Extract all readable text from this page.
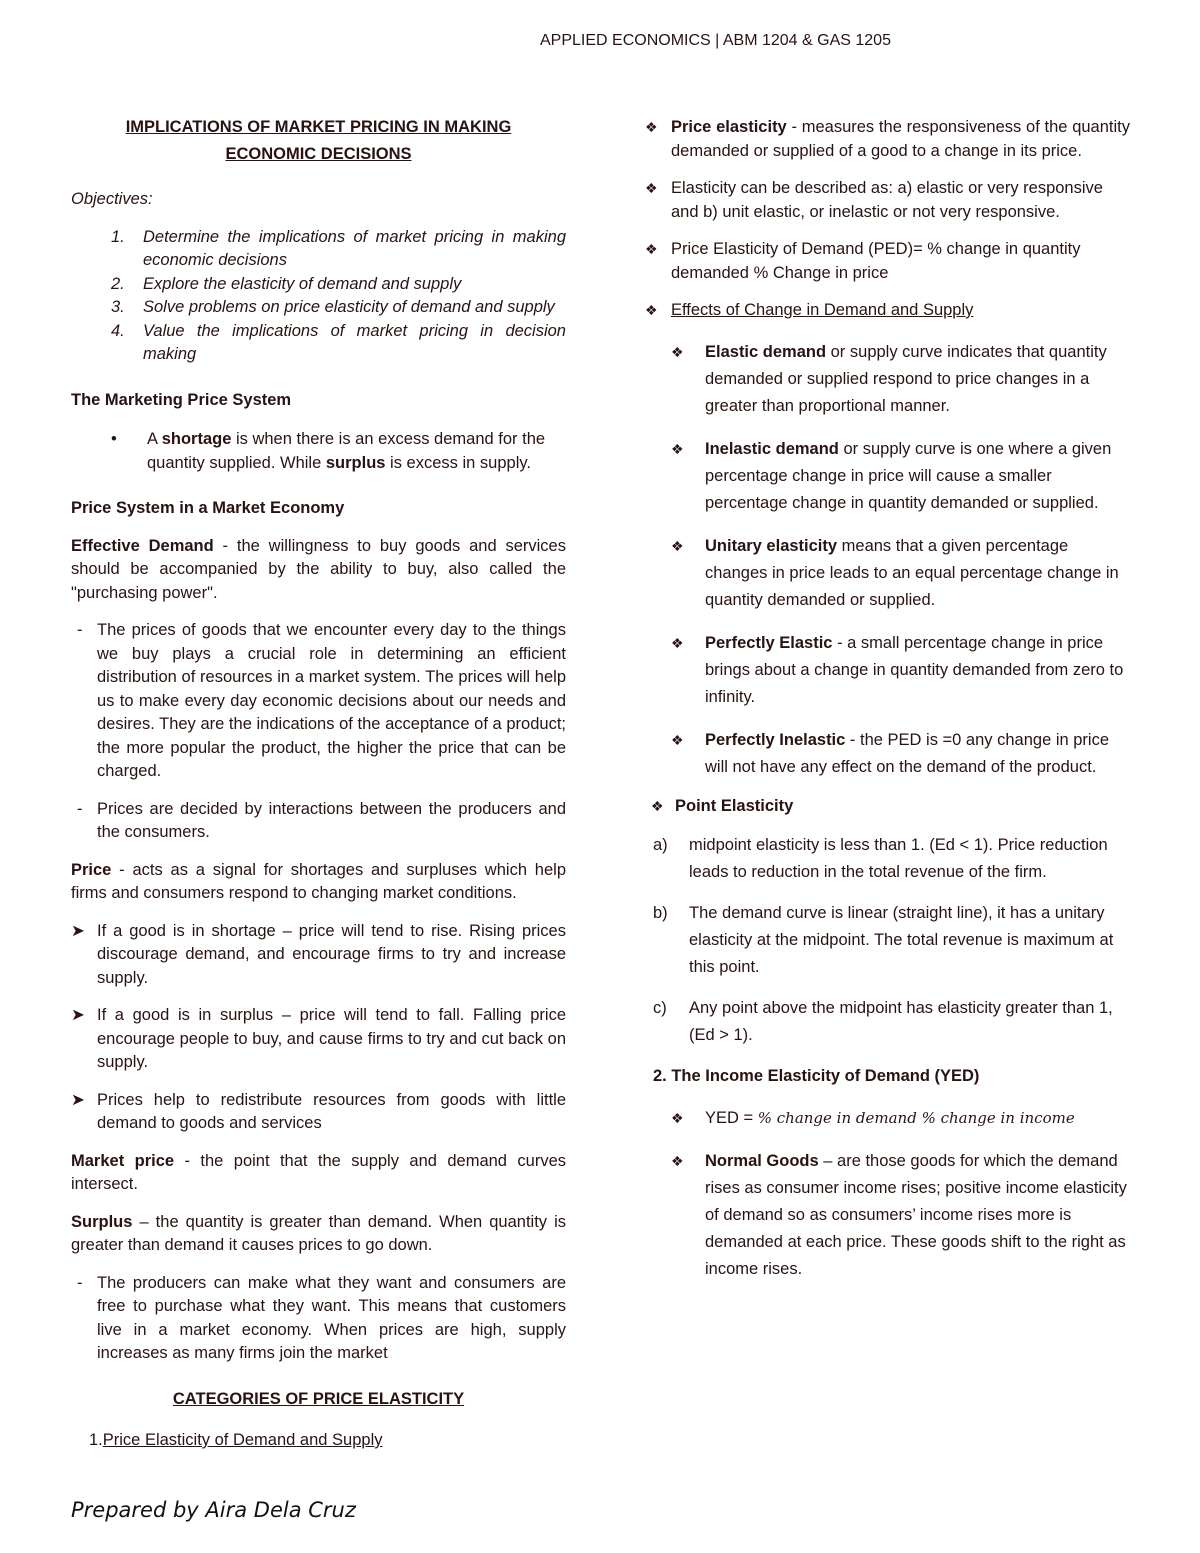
APPLIED ECONOMICS | ABM 1204 & GAS 1205

IMPLICATIONS OF MARKET PRICING IN MAKING
ECONOMIC DECISIONS

Objectives:

1.	Determine the implications of market pricing in making economic decisions
2.	Explore the elasticity of demand and supply
3.	Solve problems on price elasticity of demand and supply
4.	Value the implications of market pricing in decision making

The Marketing Price System

•	A shortage is when there is an excess demand for the quantity supplied. While surplus is excess in supply.

Price System in a Market Economy

Effective Demand - the willingness to buy goods and services should be accompanied by the ability to buy, also called the "purchasing power".

- The prices of goods that we encounter every day to the things we buy plays a crucial role in determining an efficient distribution of resources in a market system. The prices will help us to make every day economic decisions about our needs and desires. They are the indications of the acceptance of a product; the more popular the product, the higher the price that can be charged.
- Prices are decided by interactions between the producers and the consumers.

Price - acts as a signal for shortages and surpluses which help firms and consumers respond to changing market conditions.

➤ If a good is in shortage – price will tend to rise. Rising prices discourage demand, and encourage firms to try and increase supply.
➤ If a good is in surplus – price will tend to fall. Falling price encourage people to buy, and cause firms to try and cut back on supply.
➤ Prices help to redistribute resources from goods with little demand to goods and services

Market price - the point that the supply and demand curves intersect.

Surplus – the quantity is greater than demand. When quantity is greater than demand it causes prices to go down.

- The producers can make what they want and consumers are free to purchase what they want. This means that customers live in a market economy. When prices are high, supply increases as many firms join the market

CATEGORIES OF PRICE ELASTICITY

1.Price Elasticity of Demand and Supply

❖ Price elasticity - measures the responsiveness of the quantity demanded or supplied of a good to a change in its price.
❖ Elasticity can be described as: a) elastic or very responsive and b) unit elastic, or inelastic or not very responsive.
❖ Price Elasticity of Demand (PED)= % change in quantity demanded % Change in price
❖ Effects of Change in Demand and Supply
❖	Elastic demand or supply curve indicates that quantity demanded or supplied respond to price changes in a greater than proportional manner.
❖	Inelastic demand or supply curve is one where a given percentage change in price will cause a smaller percentage change in quantity demanded or supplied.
❖	Unitary elasticity means that a given percentage changes in price leads to an equal percentage change in quantity demanded or supplied.
❖	Perfectly Elastic - a small percentage change in price brings about a change in quantity demanded from zero to infinity.
❖	Perfectly Inelastic - the PED is =0 any change in price will not have any effect on the demand of the product.
❖ Point Elasticity
a)	midpoint elasticity is less than 1. (Ed < 1). Price reduction leads to reduction in the total revenue of the firm.
b)	The demand curve is linear (straight line), it has a unitary elasticity at the midpoint. The total revenue is maximum at this point.
c)	Any point above the midpoint has elasticity greater than 1, (Ed > 1).

2. The Income Elasticity of Demand (YED)

❖	YED = % change in demand % change in income
❖	Normal Goods – are those goods for which the demand rises as consumer income rises; positive income elasticity of demand so as consumers’ income rises more is demanded at each price. These goods shift to the right as income rises.
Prepared by Aira Dela Cruz
